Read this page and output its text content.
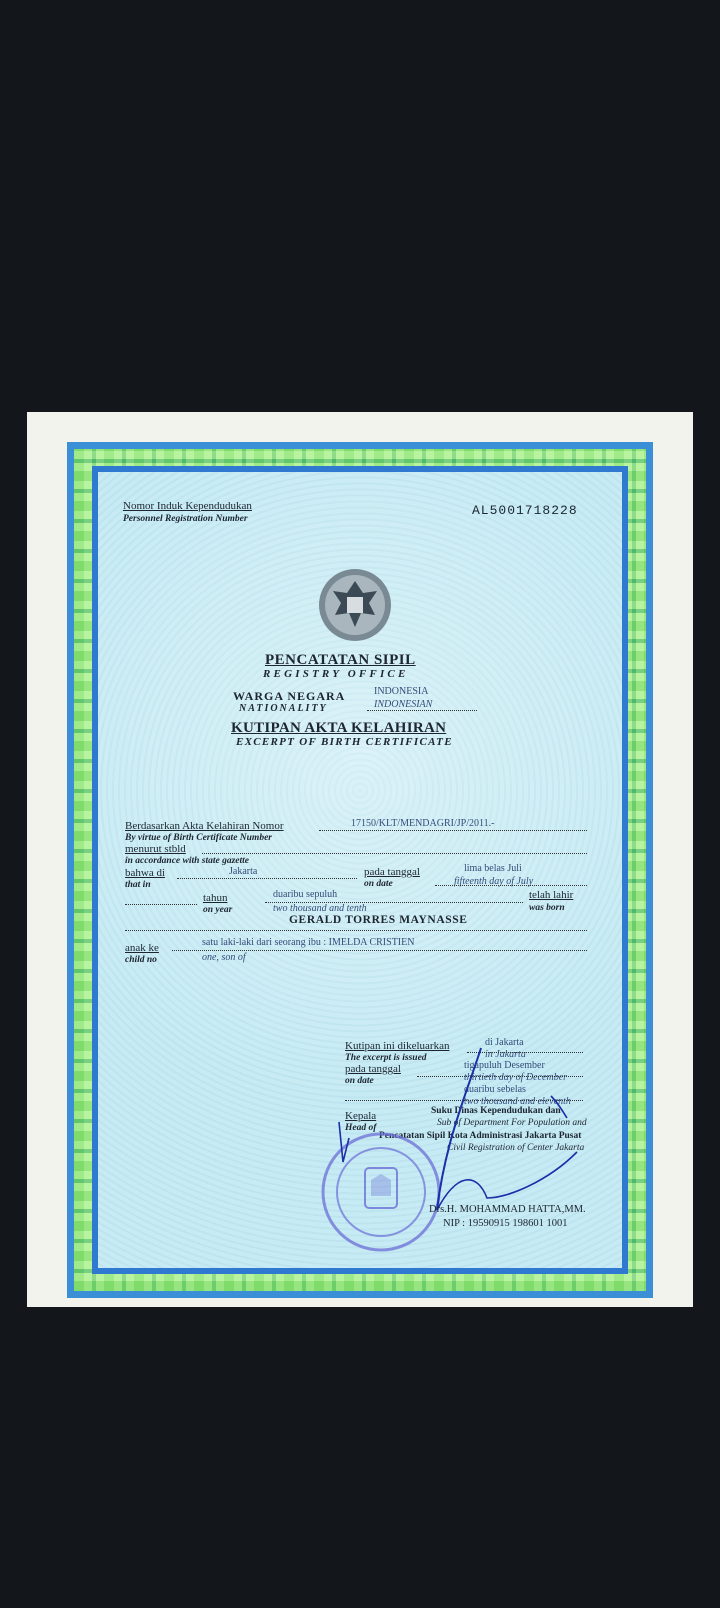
Nomor Induk Kependudukan
Personnel Registration Number
AL5001718228
PENCATATAN SIPIL
REGISTRY OFFICE
WARGA NEGARA
NATIONALITY
INDONESIA
INDONESIAN
KUTIPAN AKTA KELAHIRAN
EXCERPT OF BIRTH CERTIFICATE
Berdasarkan Akta Kelahiran Nomor
By virtue of Birth Certificate Number
17150/KLT/MENDAGRI/JP/2011.-
menurut stbld
in accordance with state gazette
bahwa di
that in
Jakarta	pada tanggal
on date
lima belas Juli
fifteenth day of July
tahun
on year
duaribu sepuluh
two thousand and tenth
telah lahir
was born
GERALD TORRES MAYNASSE
anak ke
child no
satu laki-laki dari seorang ibu : IMELDA CRISTIEN
one, son of
Kutipan ini dikeluarkan
The excerpt is issued
di Jakarta
in Jakarta
pada tanggal
on date
tigapuluh Desember
thirtieth day of December
duaribu sebelas
two thousand and eleventh
Kepala
Head of
Suku Dinas Kependudukan dan
Sub of Department For Population and
Pencatatan Sipil Kota Administrasi Jakarta Pusat
Civil Registration of Center Jakarta
Drs.H. MOHAMMAD HATTA,MM.
NIP : 19590915 198601 1001
